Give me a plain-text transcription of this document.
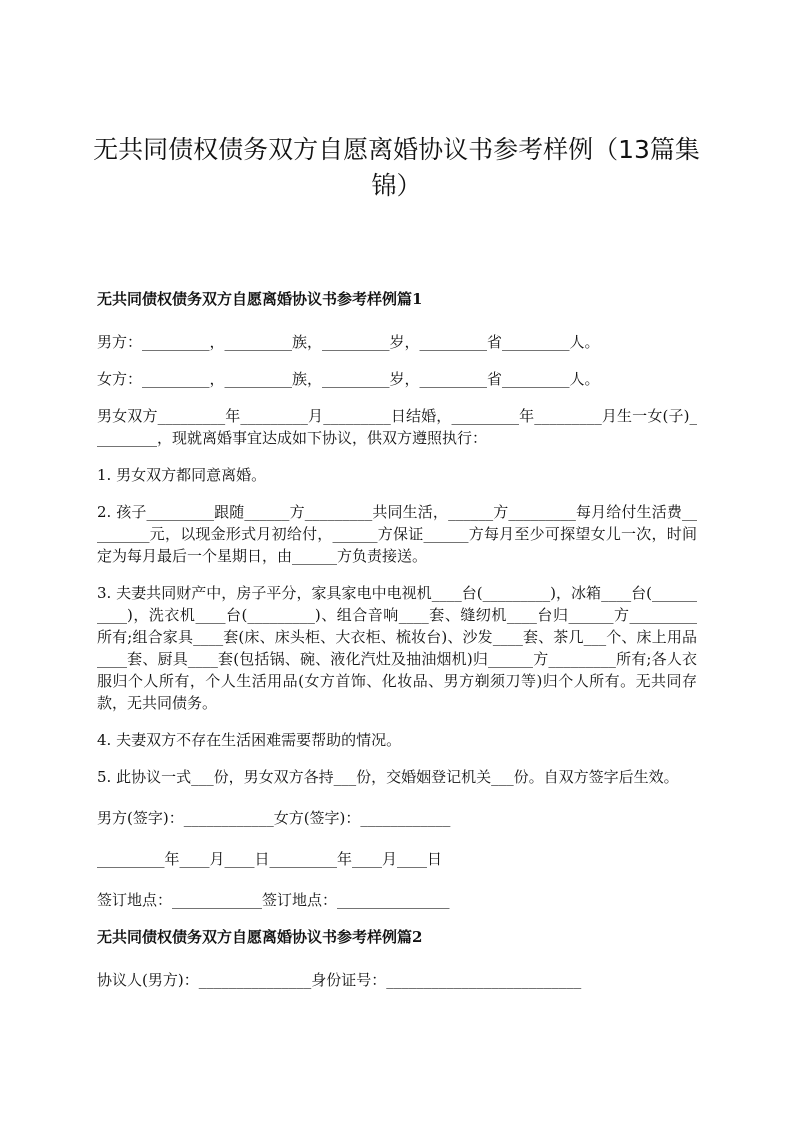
无共同债权债务双方自愿离婚协议书参考样例（13篇集锦）

无共同债权债务双方自愿离婚协议书参考样例篇1

男方：_________，_________族，_________岁，_________省_________人。

女方：_________，_________族，_________岁，_________省_________人。

男女双方_________年_________月_________日结婚，_________年_________月生一女(子)_________，现就离婚事宜达成如下协议，供双方遵照执行：

1. 男女双方都同意离婚。

2. 孩子_________跟随______方_________共同生活，______方_________每月给付生活费_________元，以现金形式月初给付，______方保证______方每月至少可探望女儿一次，时间定为每月最后一个星期日，由______方负责接送。

3. 夫妻共同财产中，房子平分，家具家电中电视机____台(_________)，冰箱____台(__________)，洗衣机____台(_________)、组合音响____套、缝纫机____台归______方_________所有;组合家具____套(床、床头柜、大衣柜、梳妆台)、沙发____套、茶几___个、床上用品____套、厨具____套(包括锅、碗、液化汽灶及抽油烟机)归______方_________所有;各人衣服归个人所有，个人生活用品(女方首饰、化妆品、男方剃须刀等)归个人所有。无共同存款，无共同债务。

4. 夫妻双方不存在生活困难需要帮助的情况。

5. 此协议一式___份，男女双方各持___份，交婚姻登记机关___份。自双方签字后生效。

男方(签字)：____________女方(签字)：____________

_________年____月____日_________年____月____日

签订地点：____________签订地点：_______________

无共同债权债务双方自愿离婚协议书参考样例篇2

协议人(男方)：_______________身份证号：__________________________
